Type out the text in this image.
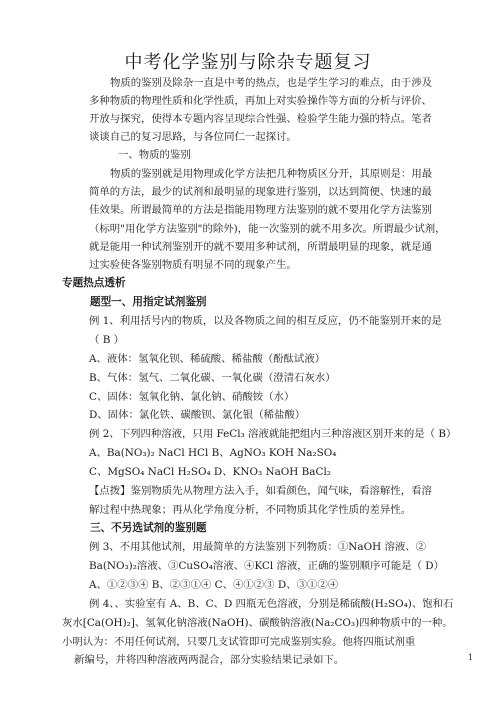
中考化学鉴别与除杂专题复习
物质的鉴别及除杂一直是中考的热点，也是学生学习的难点，由于涉及
多种物质的物理性质和化学性质，再加上对实验操作等方面的分析与评价、
开放与探究，使得本专题内容呈现综合性强、检验学生能力强的特点。笔者
谈谈自己的复习思路，与各位同仁一起探讨。
一、物质的鉴别
物质的鉴别就是用物理或化学方法把几种物质区分开，其原则是：用最
简单的方法，最少的试剂和最明显的现象进行鉴别，以达到简便、快速的最
佳效果。所谓最简单的方法是指能用物理方法鉴别的就不要用化学方法鉴别
（标明"用化学方法鉴别"的除外)，能一次鉴别的就不用多次。所谓最少试剂，
就是能用一种试剂鉴别开的就不要用多种试剂，所谓最明显的现象，就是通
过实验使各鉴别物质有明显不同的现象产生。
专题热点透析
题型一、用指定试剂鉴别
例 1、利用括号内的物质，以及各物质之间的相互反应，仍不能鉴别开来的是
（ B ）
A、液体：氢氧化钡、稀硫酸、稀盐酸（酚酞试液）
B、气体：氢气、二氧化碳、一氧化碳（澄清石灰水）
C、固体：氢氧化钠、氯化钠、硝酸铵（水）
D、固体：氯化铁、碳酸钡、氯化银（稀盐酸）
例 2、下列四种溶液，只用 FeCl₃ 溶液就能把组内三种溶液区别开来的是（ B）
A、Ba(NO₃)₂ NaCl HCl B、AgNO₃ KOH Na₂SO₄
C、MgSO₄ NaCl H₂SO₄ D、KNO₃ NaOH BaCl₂
【点拨】鉴别物质先从物理方法入手，如看颜色，闻气味，看溶解性，看溶
解过程中热现象；再从化学角度分析，不同物质其化学性质的差异性。
三、不另选试剂的鉴别题
例 3、不用其他试剂，用最简单的方法鉴别下列物质：①NaOH 溶液、②
Ba(NO₃)₂溶液、③CuSO₄溶液、④KCl 溶液，正确的鉴别顺序可能是（ D）
A、①②③④ B、②③①④ C、④①②③ D、③①②④
例 4、、实验室有 A、B、C、D 四瓶无色溶液，分别是稀硫酸(H₂SO₄)、饱和石
灰水[Ca(OH)₂]、氢氧化钠溶液(NaOH)、碳酸钠溶液(Na₂CO₃)四种物质中的一种。
小明认为：不用任何试剂，只要几支试管即可完成鉴别实验。他将四瓶试剂重
新编号，并将四种溶液两两混合，部分实验结果记录如下。	1
